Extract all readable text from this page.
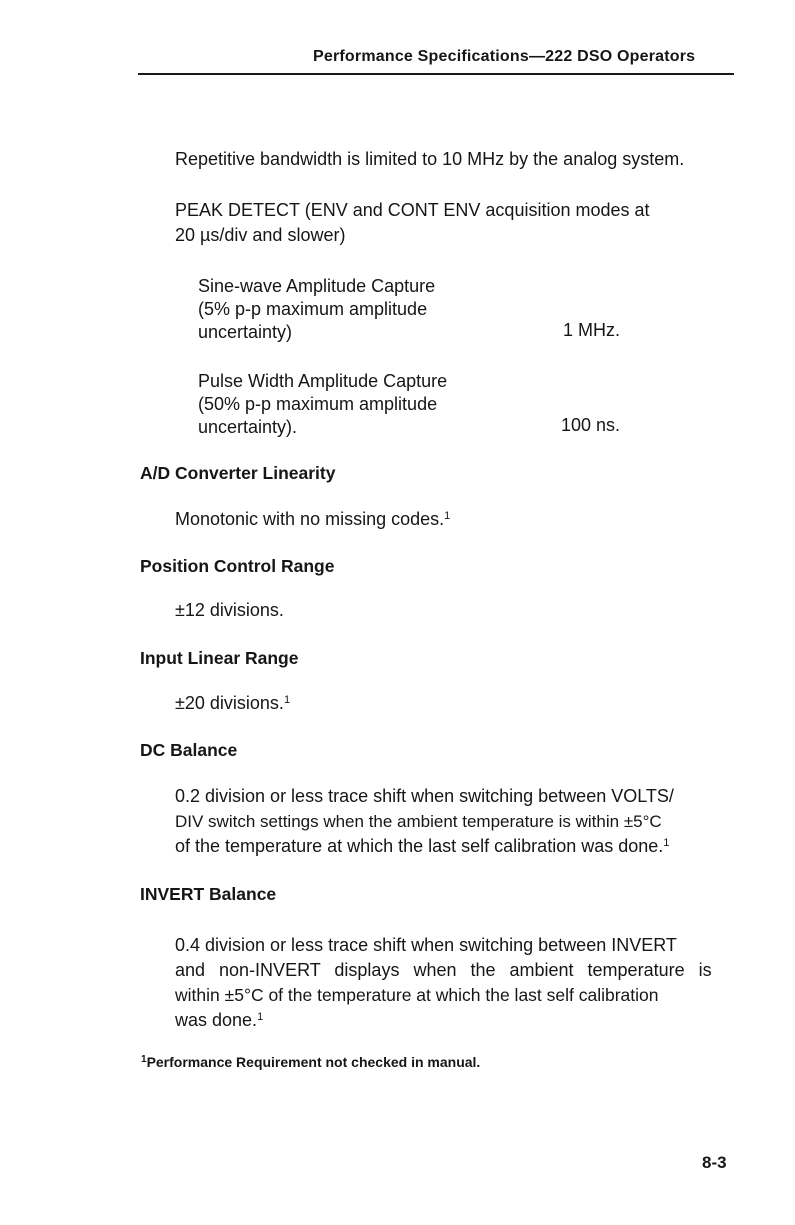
Performance Specifications—222 DSO Operators
Repetitive bandwidth is limited to 10 MHz by the analog system.
PEAK DETECT (ENV and CONT ENV acquisition modes at
20 µs/div and slower)
Sine-wave Amplitude Capture
(5% p-p maximum amplitude
uncertainty)	1 MHz.
Pulse Width Amplitude Capture
(50% p-p maximum amplitude
uncertainty).	100 ns.
A/D Converter Linearity
Monotonic with no missing codes.$^1$
Position Control Range
±12 divisions.
Input Linear Range
±20 divisions.$^1$
DC Balance
0.2 division or less trace shift when switching between VOLTS/
DIV switch settings when the ambient temperature is within ±5°C
of the temperature at which the last self calibration was done.$^1$
INVERT Balance
0.4 division or less trace shift when switching between INVERT
and non-INVERT displays when the ambient temperature is
within ±5°C of the temperature at which the last self calibration
was done.$^1$
$^1$Performance Requirement not checked in manual.
8-3
